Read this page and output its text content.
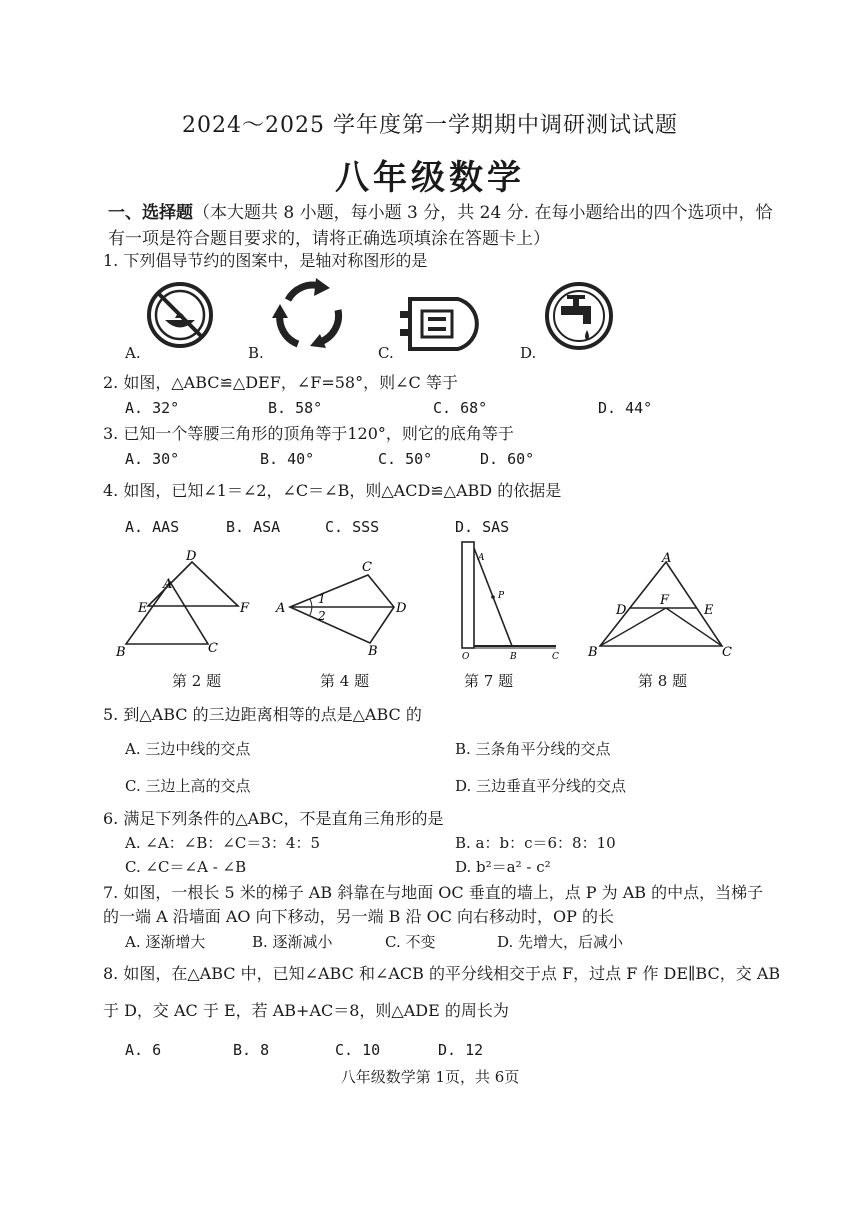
2024～2025 学年度第一学期期中调研测试试题
八年级数学
一、选择题（本大题共 8 小题，每小题 3 分，共 24 分. 在每小题给出的四个选项中，恰有一项是符合题目要求的，请将正确选项填涂在答题卡上）
1. 下列倡导节约的图案中，是轴对称图形的是
A.	B.	C.	D.
2. 如图，△ABC≌△DEF，∠F=58°，则∠C 等于
A. 32°	B. 58°	C. 68°	D. 44°
3. 已知一个等腰三角形的顶角等于120°，则它的底角等于
A. 30°	B. 40°	C. 50°	D. 60°
4. 如图，已知∠1＝∠2，∠C＝∠B，则△ACD≌△ABD 的依据是
A. AAS	B. ASA	C. SSS	D. SAS
D
A
E	F
B	C
第 2 题
C
A
1
2	D
B
第 4 题
A
P
O	B	C
第 7 题
A
D
F
E
B	C
第 8 题
5. 到△ABC 的三边距离相等的点是△ABC 的
A. 三边中线的交点	B. 三条角平分线的交点
C. 三边上高的交点	D. 三边垂直平分线的交点
6. 满足下列条件的△ABC，不是直角三角形的是
A. ∠A：∠B：∠C＝3：4：5	B. a：b：c＝6：8：10
C. ∠C＝∠A - ∠B	D. b²＝a² - c²
7. 如图，一根长 5 米的梯子 AB 斜靠在与地面 OC 垂直的墙上，点 P 为 AB 的中点，当梯子
的一端 A 沿墙面 AO 向下移动，另一端 B 沿 OC 向右移动时，OP 的长
A. 逐渐增大	B. 逐渐减小	C. 不变	D. 先增大，后减小
8. 如图，在△ABC 中，已知∠ABC 和∠ACB 的平分线相交于点 F，过点 F 作 DE∥BC，交 AB
于 D，交 AC 于 E，若 AB+AC＝8，则△ADE 的周长为
A. 6	B. 8	C. 10	D. 12
八年级数学第 1页，共 6页
